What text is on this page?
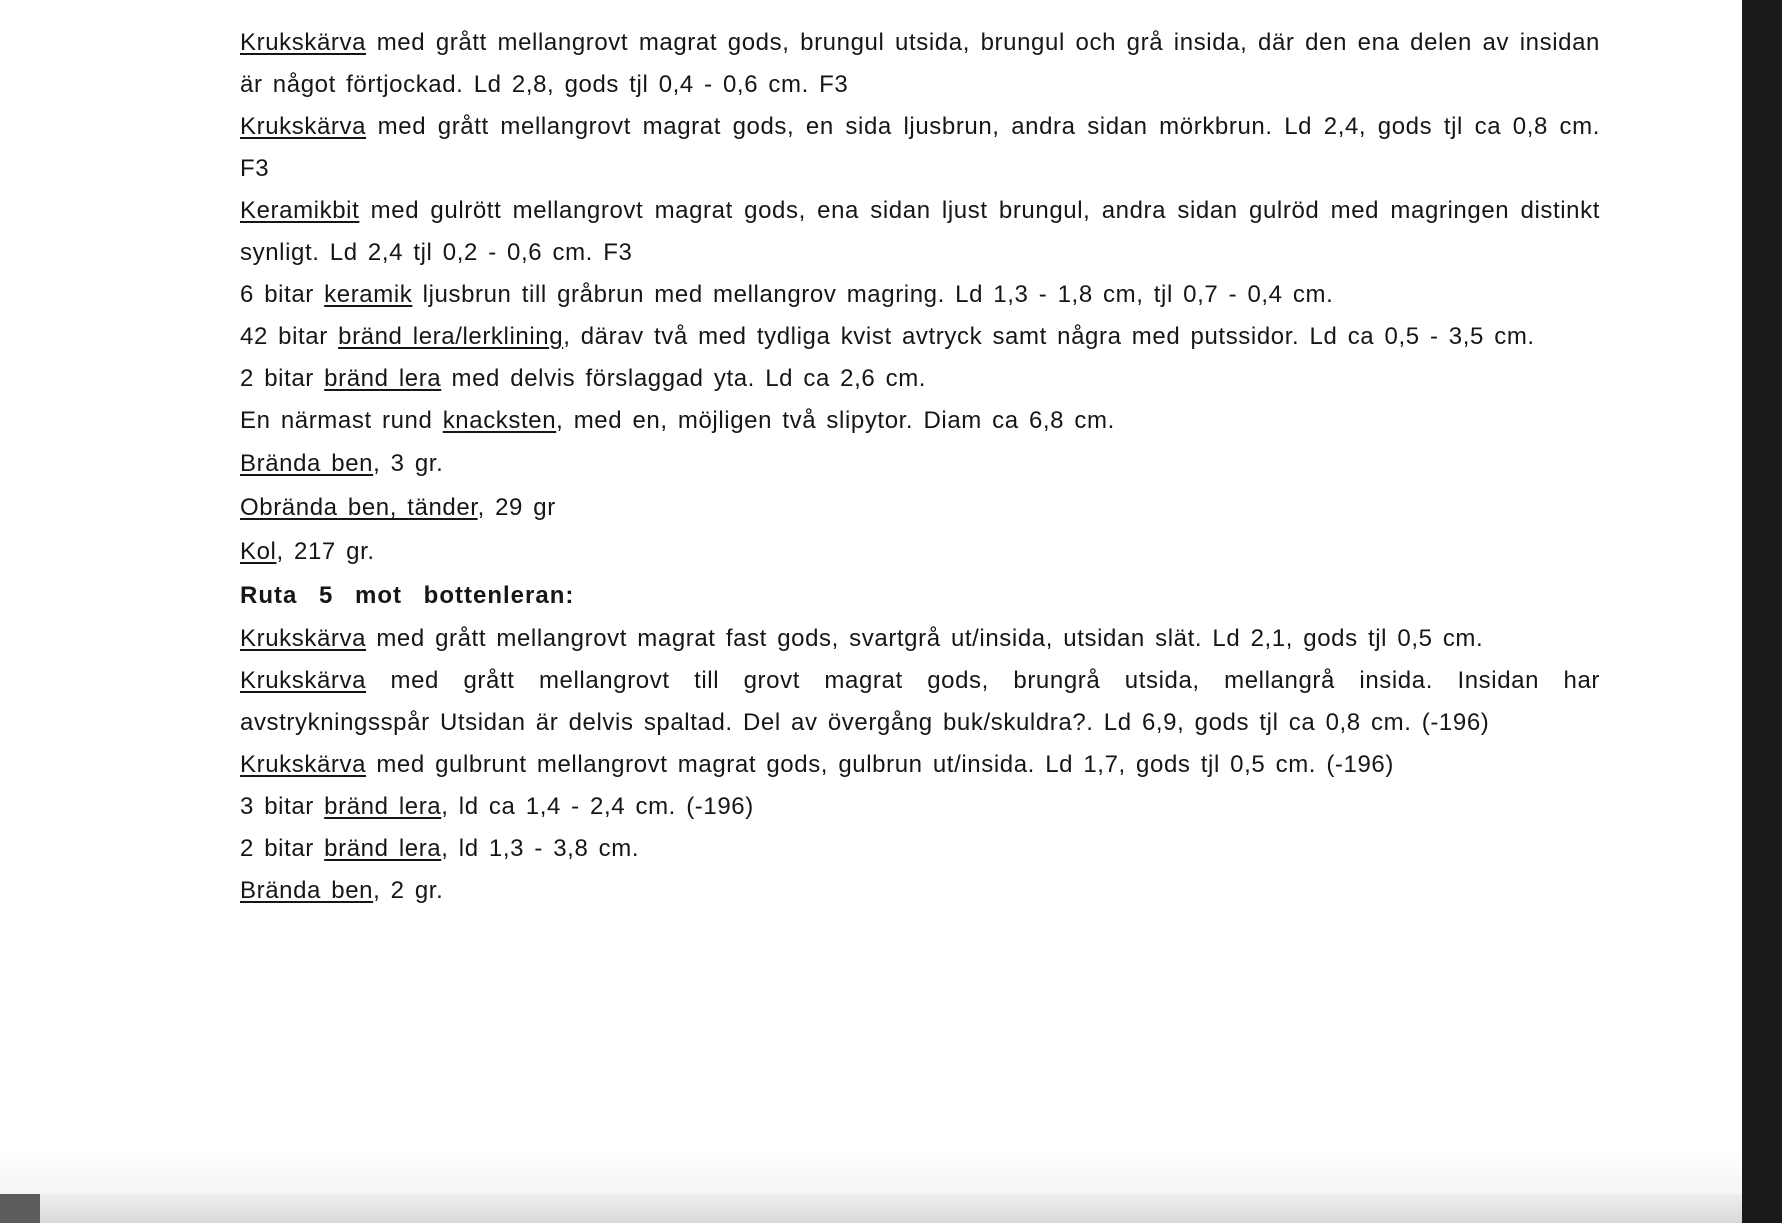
Krukskärva med grått mellangrovt magrat gods, brungul utsida, brungul och grå insida, där den ena delen av insidan är något förtjockad. Ld 2,8, gods tjl 0,4 - 0,6 cm. F3

Krukskärva med grått mellangrovt magrat gods, en sida ljusbrun, andra sidan mörkbrun. Ld 2,4, gods tjl ca 0,8 cm. F3

Keramikbit med gulrött mellangrovt magrat gods, ena sidan ljust brungul, andra sidan gulröd med magringen distinkt synligt. Ld 2,4 tjl 0,2 - 0,6 cm. F3

6 bitar keramik ljusbrun till gråbrun med mellangrov magring. Ld 1,3 - 1,8 cm, tjl 0,7 - 0,4 cm.

42 bitar bränd lera/lerklining, därav två med tydliga kvist avtryck samt några med putssidor. Ld ca 0,5 - 3,5 cm.

2 bitar bränd lera med delvis förslaggad yta. Ld ca 2,6 cm.

En närmast rund knacksten, med en, möjligen två slipytor. Diam ca 6,8 cm.

Brända ben, 3 gr.

Obrända ben, tänder, 29 gr

Kol, 217 gr.

Ruta 5 mot bottenleran:

Krukskärva med grått mellangrovt magrat fast gods, svartgrå ut/insida, utsidan slät. Ld 2,1, gods tjl 0,5 cm.

Krukskärva med grått mellangrovt till grovt magrat gods, brungrå utsida, mellangrå insida. Insidan har avstrykningsspår Utsidan är delvis spaltad. Del av övergång buk/skuldra?. Ld 6,9, gods tjl ca 0,8 cm. (-196)

Krukskärva med gulbrunt mellangrovt magrat gods, gulbrun ut/insida. Ld 1,7, gods tjl 0,5 cm. (-196)

3 bitar bränd lera, ld ca 1,4 - 2,4 cm. (-196)

2 bitar bränd lera, ld 1,3 - 3,8 cm.

Brända ben, 2 gr.
